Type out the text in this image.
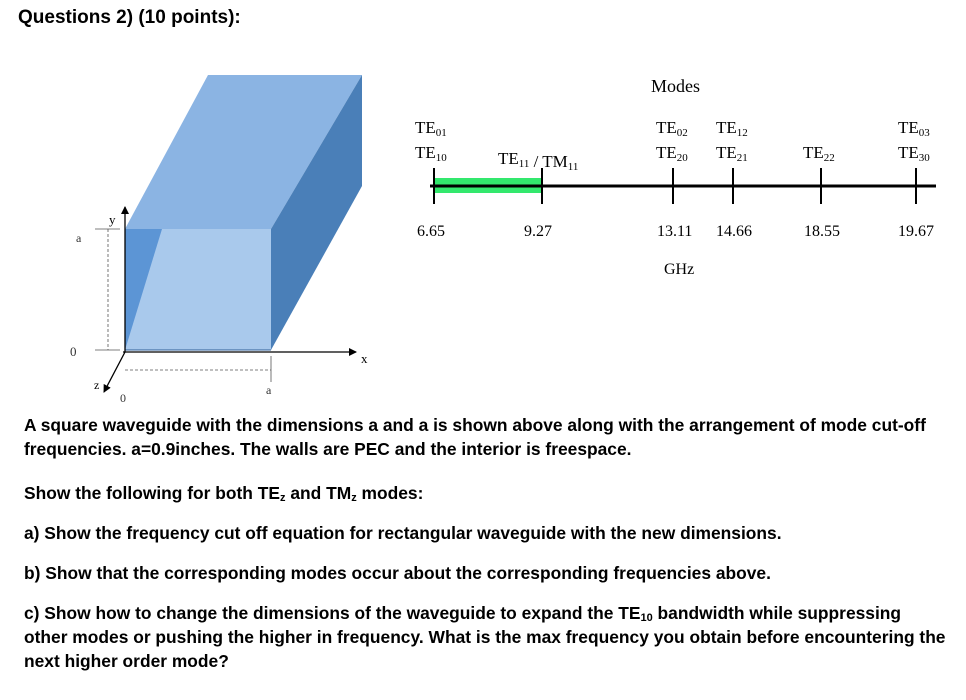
Questions 2) (10 points):
y
x
z
a
0
0
a
Modes
TE01
TE10	TE11 / TM11
TE02
TE20
TE12
TE21	TE22
TE03
TE30
6.65	9.27	13.11 14.66	18.55	19.67
GHz

A square waveguide with the dimensions a and a is shown above along with the arrangement of mode cut-off frequencies. a=0.9inches. The walls are PEC and the interior is freespace.

Show the following for both $TE_z$ and $TM_z$ modes:

a) Show the frequency cut off equation for rectangular waveguide with the new dimensions.

b) Show that the corresponding modes occur about the corresponding frequencies above.

c) Show how to change the dimensions of the waveguide to expand the $TE_{10}$ bandwidth while suppressing other modes or pushing the higher in frequency. What is the max frequency you obtain before encountering the next higher order mode?
